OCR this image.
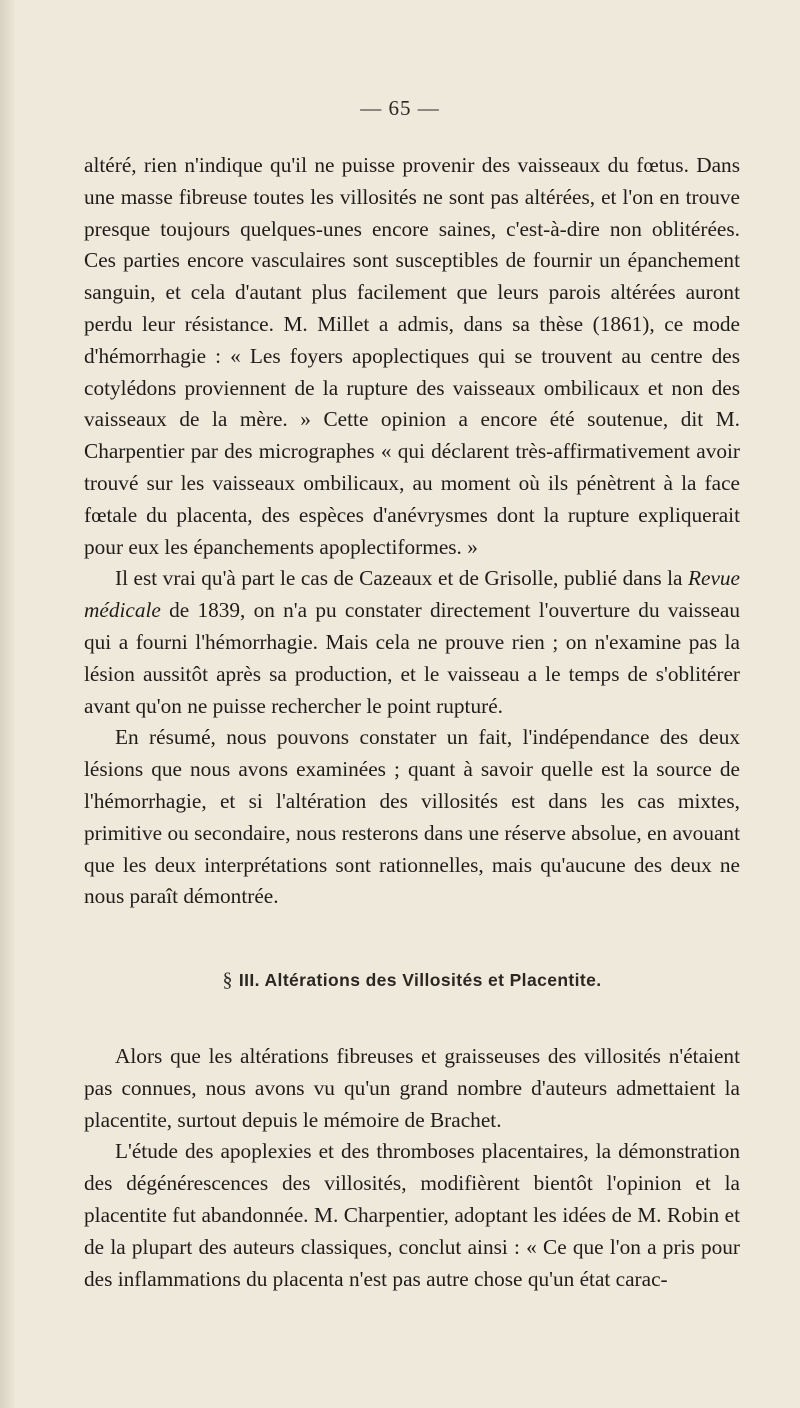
— 65 —

altéré, rien n'indique qu'il ne puisse provenir des vaisseaux du fœtus. Dans une masse fibreuse toutes les villosités ne sont pas altérées, et l'on en trouve presque toujours quelques-unes encore saines, c'est-à-dire non oblitérées. Ces parties encore vasculaires sont susceptibles de fournir un épanchement sanguin, et cela d'autant plus facilement que leurs parois altérées auront perdu leur résistance. M. Millet a admis, dans sa thèse (1861), ce mode d'hémorrhagie : « Les foyers apoplectiques qui se trouvent au centre des cotylédons proviennent de la rupture des vaisseaux ombilicaux et non des vaisseaux de la mère. » Cette opinion a encore été soutenue, dit M. Charpentier par des micrographes « qui déclarent très-affirmativement avoir trouvé sur les vaisseaux ombilicaux, au moment où ils pénètrent à la face fœtale du placenta, des espèces d'anévrysmes dont la rupture expliquerait pour eux les épanchements apoplectiformes. »

Il est vrai qu'à part le cas de Cazeaux et de Grisolle, publié dans la Revue médicale de 1839, on n'a pu constater directement l'ouverture du vaisseau qui a fourni l'hémorrhagie. Mais cela ne prouve rien ; on n'examine pas la lésion aussitôt après sa production, et le vaisseau a le temps de s'oblitérer avant qu'on ne puisse rechercher le point rupturé.

En résumé, nous pouvons constater un fait, l'indépendance des deux lésions que nous avons examinées ; quant à savoir quelle est la source de l'hémorrhagie, et si l'altération des villosités est dans les cas mixtes, primitive ou secondaire, nous resterons dans une réserve absolue, en avouant que les deux interprétations sont rationnelles, mais qu'aucune des deux ne nous paraît démontrée.

§ III. Altérations des Villosités et Placentite.

Alors que les altérations fibreuses et graisseuses des villosités n'étaient pas connues, nous avons vu qu'un grand nombre d'auteurs admettaient la placentite, surtout depuis le mémoire de Brachet.

L'étude des apoplexies et des thromboses placentaires, la démonstration des dégénérescences des villosités, modifièrent bientôt l'opinion et la placentite fut abandonnée. M. Charpentier, adoptant les idées de M. Robin et de la plupart des auteurs classiques, conclut ainsi : « Ce que l'on a pris pour des inflammations du placenta n'est pas autre chose qu'un état carac-
